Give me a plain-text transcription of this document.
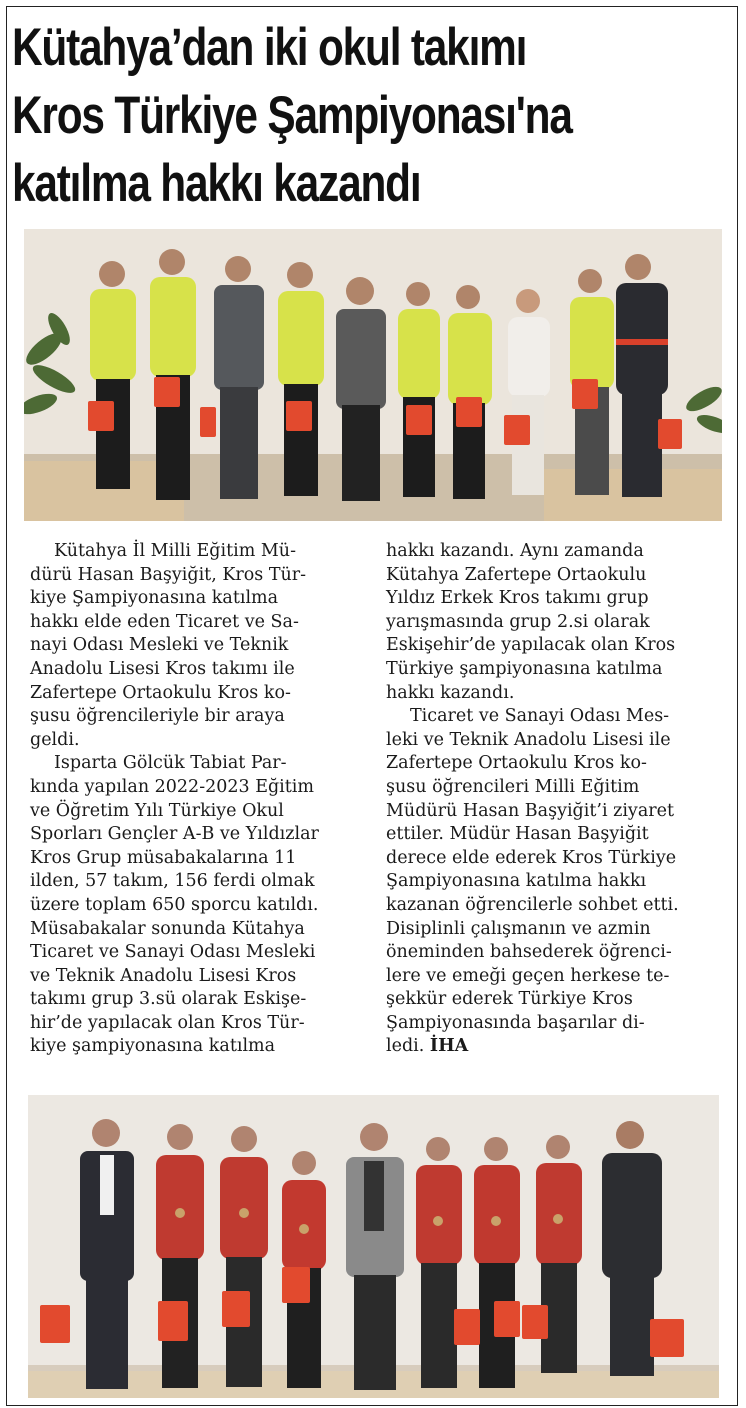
Kütahya’dan iki okul takımı
Kros Türkiye Şampiyonası'na
katılma hakkı kazandı
Kütahya İl Milli Eğitim Mü-
dürü Hasan Başyiğit, Kros Tür-
kiye Şampiyonasına katılma
hakkı elde eden Ticaret ve Sa-
nayi Odası Mesleki ve Teknik
Anadolu Lisesi Kros takımı ile
Zafertepe Ortaokulu Kros ko-
şusu öğrencileriyle bir araya
geldi.
Isparta Gölcük Tabiat Par-
kında yapılan 2022-2023 Eğitim
ve Öğretim Yılı Türkiye Okul
Sporları Gençler A-B ve Yıldızlar
Kros Grup müsabakalarına 11
ilden, 57 takım, 156 ferdi olmak
üzere toplam 650 sporcu katıldı.
Müsabakalar sonunda Kütahya
Ticaret ve Sanayi Odası Mesleki
ve Teknik Anadolu Lisesi Kros
takımı grup 3.sü olarak Eskişe-
hir’de yapılacak olan Kros Tür-
kiye şampiyonasına katılma
hakkı kazandı. Aynı zamanda
Kütahya Zafertepe Ortaokulu
Yıldız Erkek Kros takımı grup
yarışmasında grup 2.si olarak
Eskişehir’de yapılacak olan Kros
Türkiye şampiyonasına katılma
hakkı kazandı.
Ticaret ve Sanayi Odası Mes-
leki ve Teknik Anadolu Lisesi ile
Zafertepe Ortaokulu Kros ko-
şusu öğrencileri Milli Eğitim
Müdürü Hasan Başyiğit’i ziyaret
ettiler. Müdür Hasan Başyiğit
derece elde ederek Kros Türkiye
Şampiyonasına katılma hakkı
kazanan öğrencilerle sohbet etti.
Disiplinli çalışmanın ve azmin
öneminden bahsederek öğrenci-
lere ve emeği geçen herkese te-
şekkür ederek Türkiye Kros
Şampiyonasında başarılar di-
ledi. İHA
